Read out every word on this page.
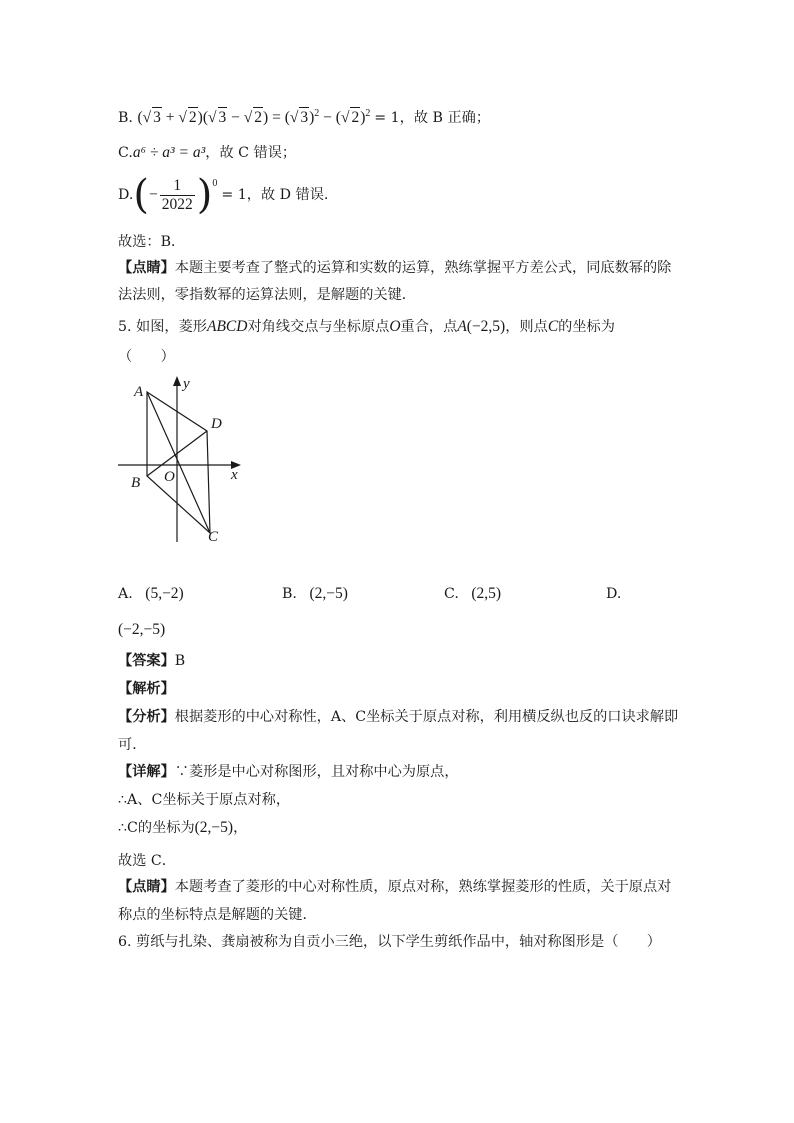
B. (√ 3 + √ 2)(√ 3 − √ 2) = (√ 3)$^2$ − (√ 2)$^2$ = 1，故 B 正确；
C.a⁶ ÷ a³ = a³，故 C 错误；
D. ( − $\frac{1}{2022}$ ) 0
= 1，故 D 错误.
故选：B．
【点睛】本题主要考查了整式的运算和实数的运算，熟练掌握平方差公式，同底数幂的除
法法则，零指数幂的运算法则，是解题的关键．
5. 如图，菱形ABCD对角线交点与坐标原点O重合，点A(−2,5)，则点C的坐标为
（　　）
A
B
C
D
O	x
y
A. (5,−2)	B. (2,−5)	C. (2,5)	D.
(−2,−5)
【答案】B
【解析】
【分析】根据菱形的中心对称性，A、C坐标关于原点对称，利用横反纵也反的口诀求解即
可．
【详解】∵菱形是中心对称图形，且对称中心为原点，
∴A、C坐标关于原点对称，
∴C的坐标为(2,−5)，
故选 C．
【点睛】本题考查了菱形的中心对称性质，原点对称，熟练掌握菱形的性质，关于原点对
称点的坐标特点是解题的关键．
6. 剪纸与扎染、龚扇被称为自贡小三绝，以下学生剪纸作品中，轴对称图形是（　　）
